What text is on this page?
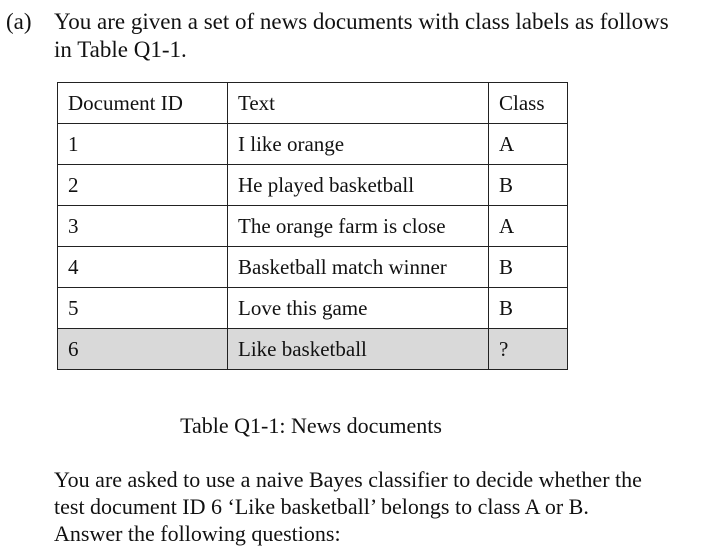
(a) You are given a set of news documents with class labels as follows
in Table Q1-1.
Document ID	Text	Class
1	I like orange	A
2	He played basketball	B
3	The orange farm is close	A
4	Basketball match winner	B
5	Love this game	B
6	Like basketball	?
Table Q1-1: News documents

You are asked to use a naive Bayes classifier to decide whether the

test document ID 6 ‘Like basketball’ belongs to class A or B.

Answer the following questions:
